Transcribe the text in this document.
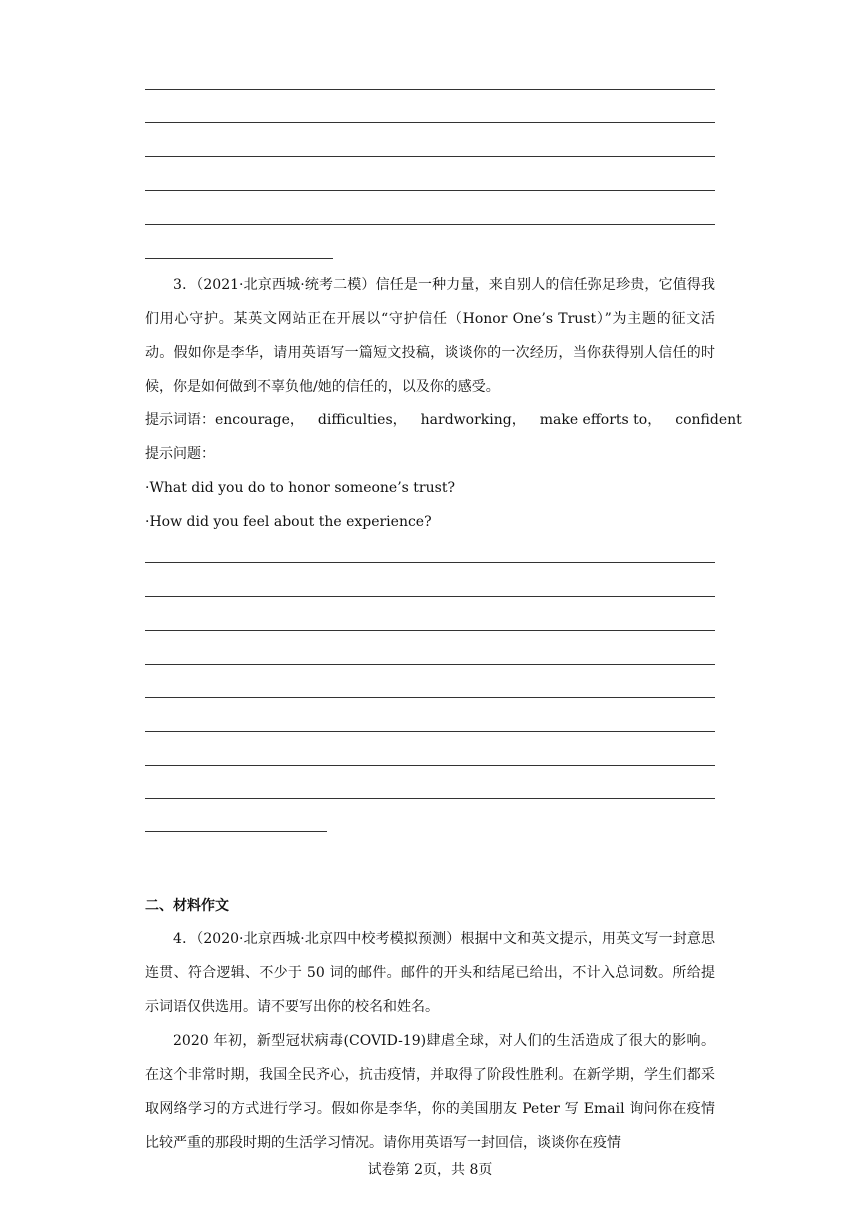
3．（2021·北京西城·统考二模）信任是一种力量，来自别人的信任弥足珍贵，它值得我们用心守护。某英文网站正在开展以“守护信任（Honor One’s Trust）”为主题的征文活动。假如你是李华，请用英语写一篇短文投稿，谈谈你的一次经历，当你获得别人信任的时候，你是如何做到不辜负他/她的信任的，以及你的感受。
提示词语：encourage， difficulties， hardworking， make efforts to， confident
提示问题：
·What did you do to honor someone’s trust?
·How did you feel about the experience?
二、材料作文
4．（2020·北京西城·北京四中校考模拟预测）根据中文和英文提示，用英文写一封意思连贯、符合逻辑、不少于 50 词的邮件。邮件的开头和结尾已给出，不计入总词数。所给提示词语仅供选用。请不要写出你的校名和姓名。
2020 年初，新型冠状病毒(COVID-19)肆虐全球，对人们的生活造成了很大的影响。在这个非常时期，我国全民齐心，抗击疫情，并取得了阶段性胜利。在新学期，学生们都采取网络学习的方式进行学习。假如你是李华，你的美国朋友 Peter 写 Email 询问你在疫情比较严重的那段时期的生活学习情况。请你用英语写一封回信，谈谈你在疫情
试卷第 2页，共 8页
